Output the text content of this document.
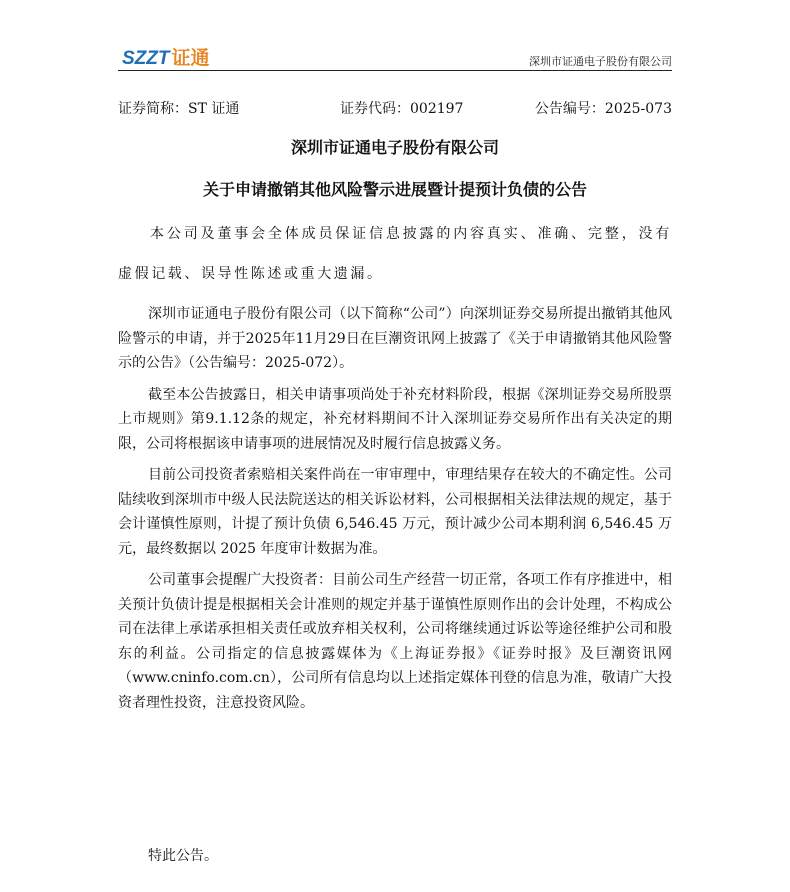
SZZT 证通	深圳市证通电子股份有限公司
证券简称：ST 证通	证券代码：002197	公告编号：2025-073
深圳市证通电子股份有限公司
关于申请撤销其他风险警示进展暨计提预计负债的公告

本公司及董事会全体成员保证信息披露的内容真实、准确、完整，没有虚假记载、误导性陈述或重大遗漏。

深圳市证通电子股份有限公司（以下简称“公司”）向深圳证券交易所提出撤销其他风险警示的申请，并于2025年11月29日在巨潮资讯网上披露了《关于申请撤销其他风险警示的公告》（公告编号：2025-072）。

截至本公告披露日，相关申请事项尚处于补充材料阶段，根据《深圳证券交易所股票上市规则》第9.1.12条的规定，补充材料期间不计入深圳证券交易所作出有关决定的期限，公司将根据该申请事项的进展情况及时履行信息披露义务。

目前公司投资者索赔相关案件尚在一审审理中，审理结果存在较大的不确定性。公司陆续收到深圳市中级人民法院送达的相关诉讼材料，公司根据相关法律法规的规定，基于会计谨慎性原则，计提了预计负债 6,546.45 万元，预计减少公司本期利润 6,546.45 万元，最终数据以 2025 年度审计数据为准。

公司董事会提醒广大投资者：目前公司生产经营一切正常，各项工作有序推进中，相关预计负债计提是根据相关会计准则的规定并基于谨慎性原则作出的会计处理，不构成公司在法律上承诺承担相关责任或放弃相关权利，公司将继续通过诉讼等途径维护公司和股东的利益。公司指定的信息披露媒体为《上海证券报》《证券时报》及巨潮资讯网（www.cninfo.com.cn），公司所有信息均以上述指定媒体刊登的信息为准，敬请广大投资者理性投资，注意投资风险。

特此公告。
